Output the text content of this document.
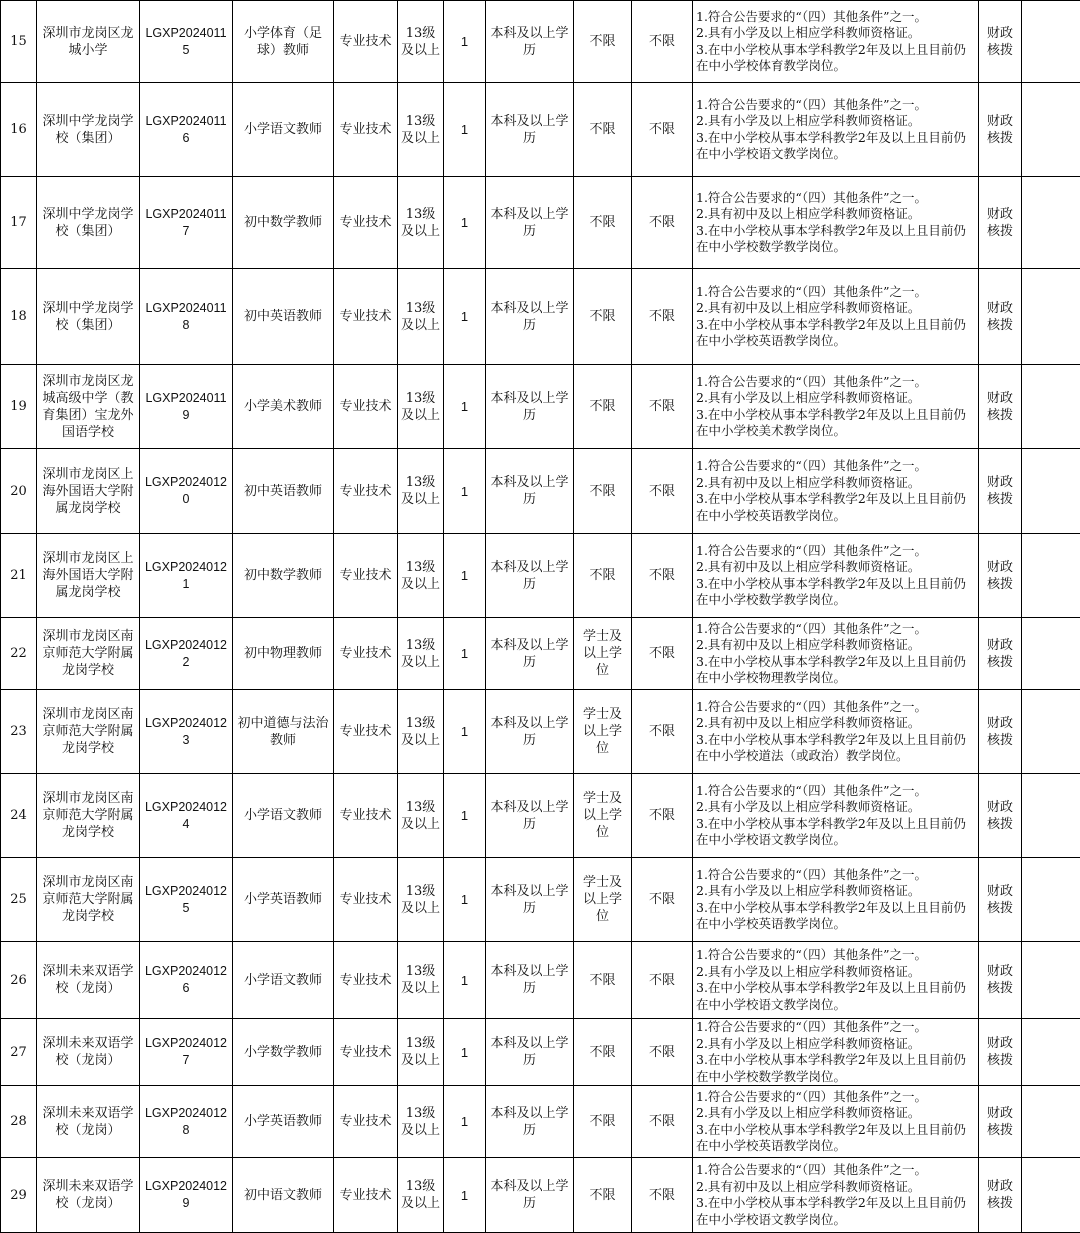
15	深圳市龙岗区龙城小学	LGXP20240115	小学体育（足球）教师	专业技术	13级及以上	1	本科及以上学历	不限	不限	1.符合公告要求的“（四）其他条件”之一。
2.具有小学及以上相应学科教师资格证。
3.在中小学校从事本学科教学2年及以上且目前仍在中小学校体育教学岗位。	财政核拨	
16	深圳中学龙岗学校（集团）	LGXP20240116	小学语文教师	专业技术	13级及以上	1	本科及以上学历	不限	不限	1.符合公告要求的“（四）其他条件”之一。
2.具有小学及以上相应学科教师资格证。
3.在中小学校从事本学科教学2年及以上且目前仍在中小学校语文教学岗位。	财政核拨	
17	深圳中学龙岗学校（集团）	LGXP20240117	初中数学教师	专业技术	13级及以上	1	本科及以上学历	不限	不限	1.符合公告要求的“（四）其他条件”之一。
2.具有初中及以上相应学科教师资格证。
3.在中小学校从事本学科教学2年及以上且目前仍在中小学校数学教学岗位。	财政核拨	
18	深圳中学龙岗学校（集团）	LGXP20240118	初中英语教师	专业技术	13级及以上	1	本科及以上学历	不限	不限	1.符合公告要求的“（四）其他条件”之一。
2.具有初中及以上相应学科教师资格证。
3.在中小学校从事本学科教学2年及以上且目前仍在中小学校英语教学岗位。	财政核拨	
19	深圳市龙岗区龙城高级中学（教育集团）宝龙外国语学校	LGXP20240119	小学美术教师	专业技术	13级及以上	1	本科及以上学历	不限	不限	1.符合公告要求的“（四）其他条件”之一。
2.具有小学及以上相应学科教师资格证。
3.在中小学校从事本学科教学2年及以上且目前仍在中小学校美术教学岗位。	财政核拨	
20	深圳市龙岗区上海外国语大学附属龙岗学校	LGXP20240120	初中英语教师	专业技术	13级及以上	1	本科及以上学历	不限	不限	1.符合公告要求的“（四）其他条件”之一。
2.具有初中及以上相应学科教师资格证。
3.在中小学校从事本学科教学2年及以上且目前仍在中小学校英语教学岗位。	财政核拨	
21	深圳市龙岗区上海外国语大学附属龙岗学校	LGXP20240121	初中数学教师	专业技术	13级及以上	1	本科及以上学历	不限	不限	1.符合公告要求的“（四）其他条件”之一。
2.具有初中及以上相应学科教师资格证。
3.在中小学校从事本学科教学2年及以上且目前仍在中小学校数学教学岗位。	财政核拨	
22	深圳市龙岗区南京师范大学附属龙岗学校	LGXP20240122	初中物理教师	专业技术	13级及以上	1	本科及以上学历	学士及以上学位	不限	1.符合公告要求的“（四）其他条件”之一。
2.具有初中及以上相应学科教师资格证。
3.在中小学校从事本学科教学2年及以上且目前仍在中小学校物理教学岗位。	财政核拨	
23	深圳市龙岗区南京师范大学附属龙岗学校	LGXP20240123	初中道德与法治教师	专业技术	13级及以上	1	本科及以上学历	学士及以上学位	不限	1.符合公告要求的“（四）其他条件”之一。
2.具有初中及以上相应学科教师资格证。
3.在中小学校从事本学科教学2年及以上且目前仍在中小学校道法（或政治）教学岗位。	财政核拨	
24	深圳市龙岗区南京师范大学附属龙岗学校	LGXP20240124	小学语文教师	专业技术	13级及以上	1	本科及以上学历	学士及以上学位	不限	1.符合公告要求的“（四）其他条件”之一。
2.具有小学及以上相应学科教师资格证。
3.在中小学校从事本学科教学2年及以上且目前仍在中小学校语文教学岗位。	财政核拨	
25	深圳市龙岗区南京师范大学附属龙岗学校	LGXP20240125	小学英语教师	专业技术	13级及以上	1	本科及以上学历	学士及以上学位	不限	1.符合公告要求的“（四）其他条件”之一。
2.具有小学及以上相应学科教师资格证。
3.在中小学校从事本学科教学2年及以上且目前仍在中小学校英语教学岗位。	财政核拨	
26	深圳未来双语学校（龙岗）	LGXP20240126	小学语文教师	专业技术	13级及以上	1	本科及以上学历	不限	不限	1.符合公告要求的“（四）其他条件”之一。
2.具有小学及以上相应学科教师资格证。
3.在中小学校从事本学科教学2年及以上且目前仍在中小学校语文教学岗位。	财政核拨	
27	深圳未来双语学校（龙岗）	LGXP20240127	小学数学教师	专业技术	13级及以上	1	本科及以上学历	不限	不限	1.符合公告要求的“（四）其他条件”之一。
2.具有小学及以上相应学科教师资格证。
3.在中小学校从事本学科教学2年及以上且目前仍在中小学校数学教学岗位。	财政核拨	
28	深圳未来双语学校（龙岗）	LGXP20240128	小学英语教师	专业技术	13级及以上	1	本科及以上学历	不限	不限	1.符合公告要求的“（四）其他条件”之一。
2.具有小学及以上相应学科教师资格证。
3.在中小学校从事本学科教学2年及以上且目前仍在中小学校英语教学岗位。	财政核拨	
29	深圳未来双语学校（龙岗）	LGXP20240129	初中语文教师	专业技术	13级及以上	1	本科及以上学历	不限	不限	1.符合公告要求的“（四）其他条件”之一。
2.具有初中及以上相应学科教师资格证。
3.在中小学校从事本学科教学2年及以上且目前仍在中小学校语文教学岗位。	财政核拨	
